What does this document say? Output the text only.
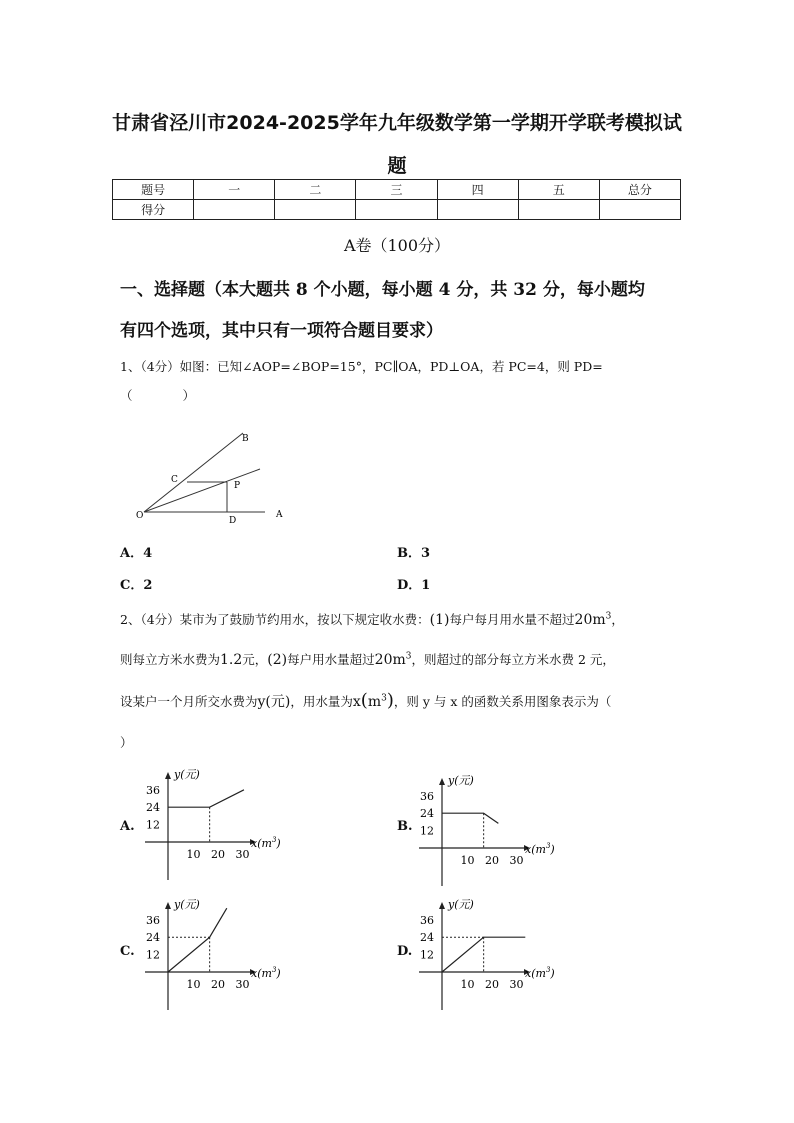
甘肃省泾川市2024-2025学年九年级数学第一学期开学联考模拟试
题
题号	一	二	三	四	五	总分
得分						
A卷（100分）
一、选择题（本大题共 8 个小题，每小题 4 分，共 32 分，每小题均
有四个选项，其中只有一项符合题目要求）
1、（4分）如图：已知∠AOP=∠BOP=15°，PC∥OA，PD⊥OA，若 PC=4，则 PD=
（　　　　）
B
C
P
O	D
A
A．4	B．3
C．2	D．1
2、（4分）某市为了鼓励节约用水，按以下规定收水费：(1)每户每月用水量不超过$20m^3$，
则每立方米水费为1.2元，(2)每户用水量超过$20m^3$，则超过的部分每立方米水费 2 元，
设某户一个月所交水费为y(元)，用水量为$x(m^3)$，则 y 与 x 的函数关系用图象表示为（
）
A.	B.
C.	D.
y(元)
$x(m^3)$
12
24
36
10 20 30
y(元)
$x(m^3)$
12
24
36
10 20 30
y(元)
$x(m^3)$
12
24
36
10 20 30
y(元)
$x(m^3)$
12
24
36
10 20 30
